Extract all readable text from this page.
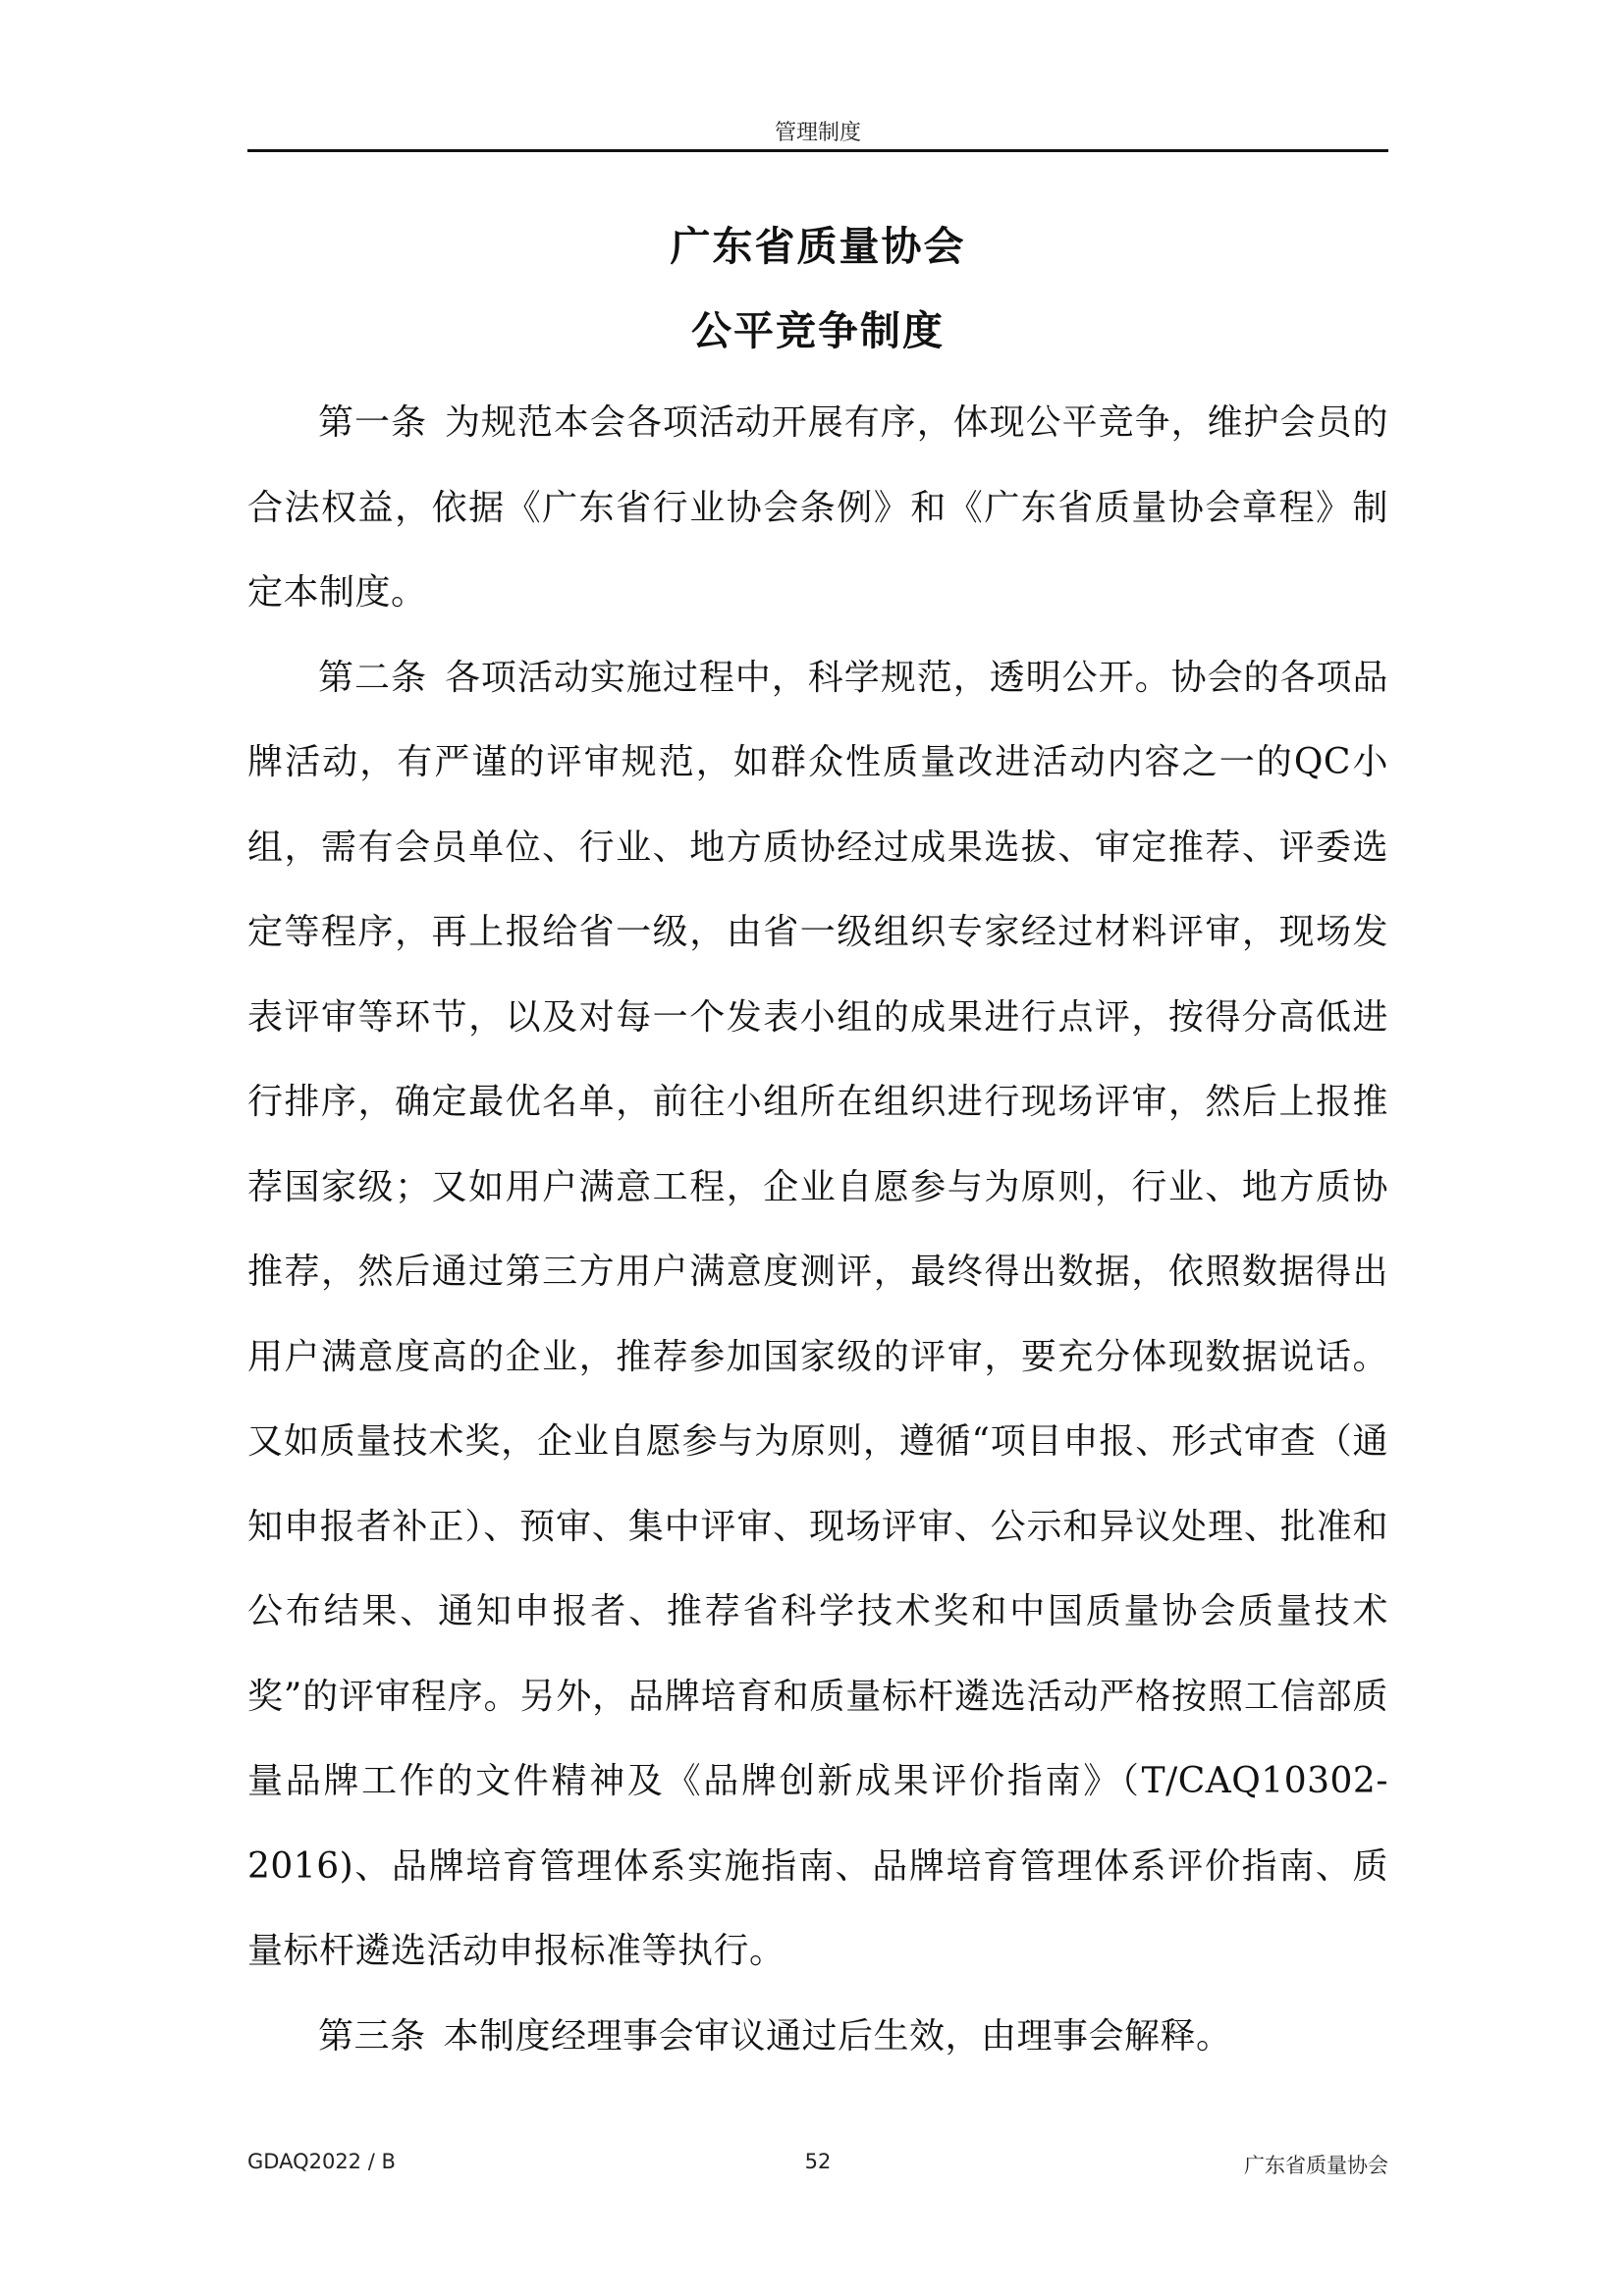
管理制度
广东省质量协会
公平竞争制度

第一条 为规范本会各项活动开展有序，体现公平竞争，维护会员的合法权益，依据《广东省行业协会条例》和《广东省质量协会章程》制定本制度。

第二条 各项活动实施过程中，科学规范，透明公开。协会的各项品牌活动，有严谨的评审规范，如群众性质量改进活动内容之一的QC小组，需有会员单位、行业、地方质协经过成果选拔、审定推荐、评委选定等程序，再上报给省一级，由省一级组织专家经过材料评审，现场发表评审等环节，以及对每一个发表小组的成果进行点评，按得分高低进行排序，确定最优名单，前往小组所在组织进行现场评审，然后上报推荐国家级；又如用户满意工程，企业自愿参与为原则，行业、地方质协推荐，然后通过第三方用户满意度测评，最终得出数据，依照数据得出用户满意度高的企业，推荐参加国家级的评审，要充分体现数据说话。又如质量技术奖，企业自愿参与为原则，遵循“项目申报、形式审查（通知申报者补正）、预审、集中评审、现场评审、公示和异议处理、批准和公布结果、通知申报者、推荐省科学技术奖和中国质量协会质量技术奖”的评审程序。另外，品牌培育和质量标杆遴选活动严格按照工信部质量品牌工作的文件精神及《品牌创新成果评价指南》（T/CAQ10302-2016)、品牌培育管理体系实施指南、品牌培育管理体系评价指南、质量标杆遴选活动申报标准等执行。

第三条 本制度经理事会审议通过后生效，由理事会解释。

GDAQ2022 / B	52	广东省质量协会
